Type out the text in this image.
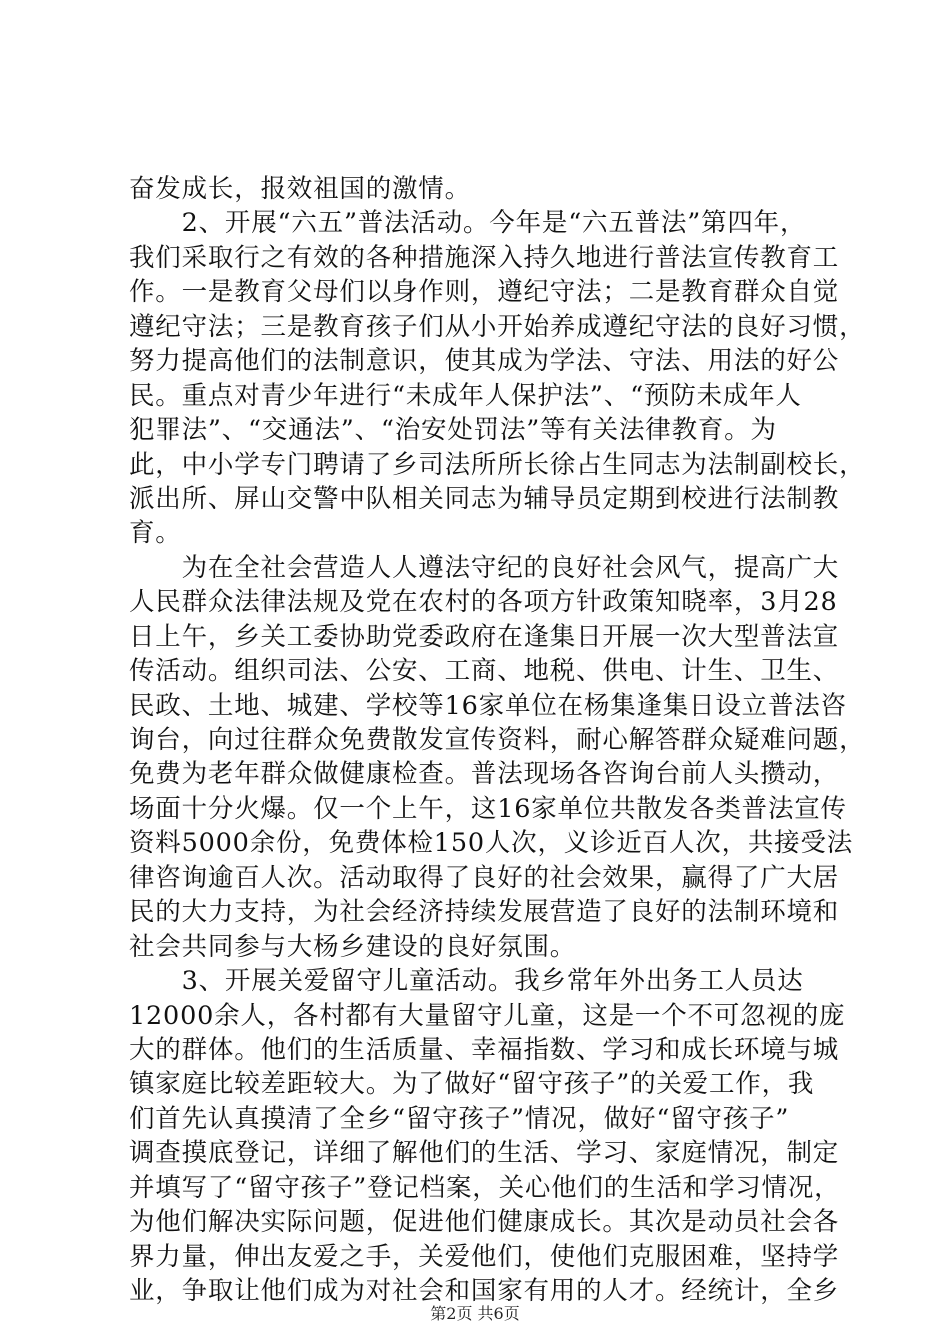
奋发成长，报效祖国的激情。
　　2、开展“六五”普法活动。今年是“六五普法”第四年，
我们采取行之有效的各种措施深入持久地进行普法宣传教育工
作。一是教育父母们以身作则，遵纪守法；二是教育群众自觉
遵纪守法；三是教育孩子们从小开始养成遵纪守法的良好习惯，
努力提高他们的法制意识，使其成为学法、守法、用法的好公
民。重点对青少年进行“未成年人保护法”、“预防未成年人
犯罪法”、“交通法”、“治安处罚法”等有关法律教育。为
此，中小学专门聘请了乡司法所所长徐占生同志为法制副校长，
派出所、屏山交警中队相关同志为辅导员定期到校进行法制教
育。
　　为在全社会营造人人遵法守纪的良好社会风气，提高广大
人民群众法律法规及党在农村的各项方针政策知晓率，3月28
日上午，乡关工委协助党委政府在逢集日开展一次大型普法宣
传活动。组织司法、公安、工商、地税、供电、计生、卫生、
民政、土地、城建、学校等16家单位在杨集逢集日设立普法咨
询台，向过往群众免费散发宣传资料，耐心解答群众疑难问题，
免费为老年群众做健康检查。普法现场各咨询台前人头攒动，
场面十分火爆。仅一个上午，这16家单位共散发各类普法宣传
资料5000余份，免费体检150人次，义诊近百人次，共接受法
律咨询逾百人次。活动取得了良好的社会效果，赢得了广大居
民的大力支持，为社会经济持续发展营造了良好的法制环境和
社会共同参与大杨乡建设的良好氛围。
　　3、开展关爱留守儿童活动。我乡常年外出务工人员达
12000余人，各村都有大量留守儿童，这是一个不可忽视的庞
大的群体。他们的生活质量、幸福指数、学习和成长环境与城
镇家庭比较差距较大。为了做好“留守孩子”的关爱工作，我
们首先认真摸清了全乡“留守孩子”情况，做好“留守孩子”
调查摸底登记，详细了解他们的生活、学习、家庭情况，制定
并填写了“留守孩子”登记档案，关心他们的生活和学习情况，
为他们解决实际问题，促进他们健康成长。其次是动员社会各
界力量，伸出友爱之手，关爱他们，使他们克服困难，坚持学
业，争取让他们成为对社会和国家有用的人才。经统计，全乡
第2页 共6页
